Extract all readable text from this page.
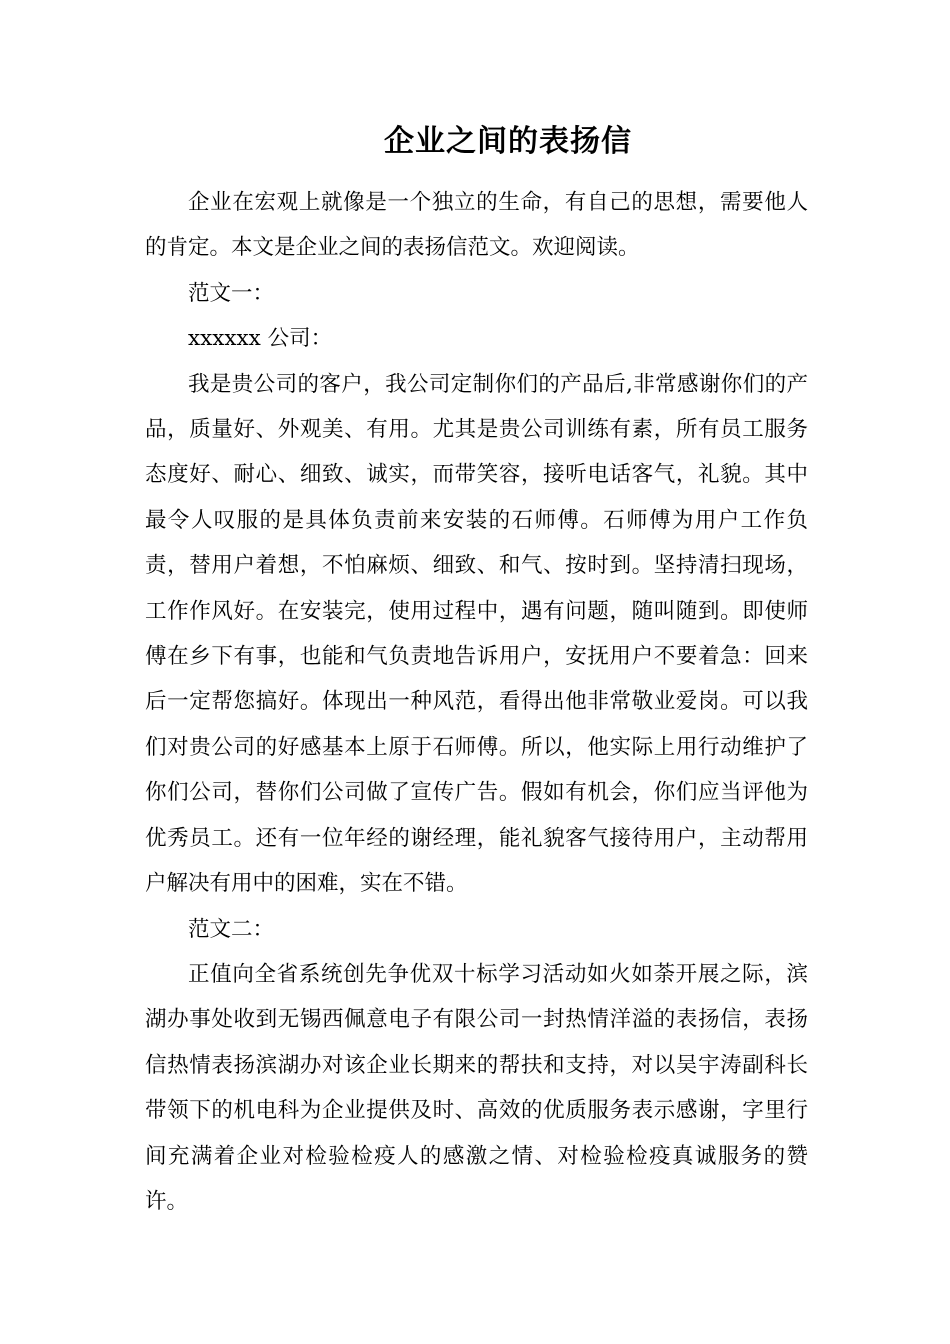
企业之间的表扬信

企业在宏观上就像是一个独立的生命，有自己的思想，需要他人的肯定。本文是企业之间的表扬信范文。欢迎阅读。

范文一：

xxxxxx 公司：

我是贵公司的客户，我公司定制你们的产品后,非常感谢你们的产品，质量好、外观美、有用。尤其是贵公司训练有素，所有员工服务态度好、耐心、细致、诚实，而带笑容，接听电话客气，礼貌。其中最令人叹服的是具体负责前来安装的石师傅。石师傅为用户工作负责，替用户着想，不怕麻烦、细致、和气、按时到。坚持清扫现场，工作作风好。在安装完，使用过程中，遇有问题，随叫随到。即使师傅在乡下有事，也能和气负责地告诉用户，安抚用户不要着急：回来后一定帮您搞好。体现出一种风范，看得出他非常敬业爱岗。可以我们对贵公司的好感基本上原于石师傅。所以，他实际上用行动维护了你们公司，替你们公司做了宣传广告。假如有机会，你们应当评他为优秀员工。还有一位年经的谢经理，能礼貌客气接待用户，主动帮用户解决有用中的困难，实在不错。

范文二：

正值向全省系统创先争优双十标学习活动如火如荼开展之际，滨湖办事处收到无锡西佩意电子有限公司一封热情洋溢的表扬信，表扬信热情表扬滨湖办对该企业长期来的帮扶和支持，对以吴宇涛副科长带领下的机电科为企业提供及时、高效的优质服务表示感谢，字里行间充满着企业对检验检疫人的感激之情、对检验检疫真诚服务的赞许。
